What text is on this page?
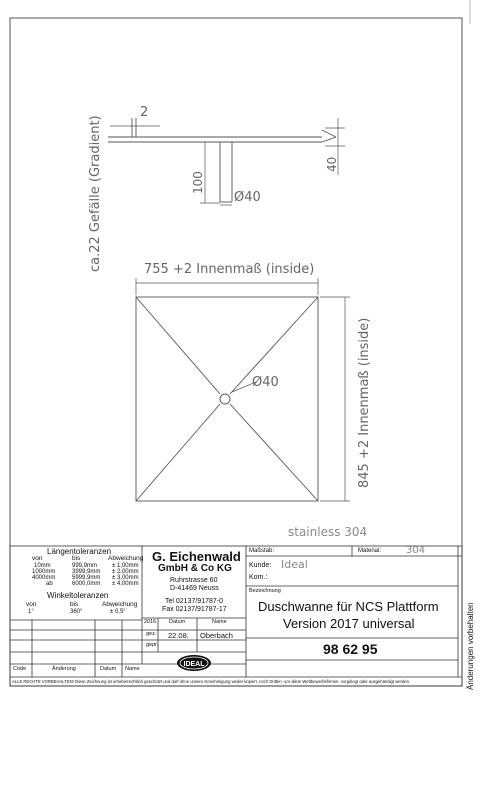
2
Ø40
40
100
ca.22 Gefälle (Gradient)	755 +2 Innenmaß (inside)
845 +2 Innenmaß (inside)
Ø40
stainless 304
IDEAL
Längentoleranzen
von	bis	Abweichung
10mm	999,9mm ± 1,00mm
1000mm	3999,9mm ± 2,00mm
4000mm	5999,9mm ± 3,00mm
ab	6000,0mm ± 4,00mm
Winkeltoleranzen
von	bis	Abweichung
1°	360°	± 0,5°
G. Eichenwald
GmbH & Co KG
Ruhrstrasse 60
D-41469 Neuss
Tel 02137/91787-0
Fax 02137/91787-17
2016 Datum	Name
gez. 22.08. Oberbach
gepr.
Code	Änderung	Datum Name
Maßstab:	Material: 304
Kunde: Ideal
Kom.:
Bezeichnung
Duschwanne für NCS Plattform
Version 2017 universal
98 62 95	Änderungen vorbehalten
ALLE RECHTE VORBEHALTEN! Diese Zeichnung ist urheberrechtlich geschützt und darf ohne unsere Genehmigung weder kopiert, noch Dritten -vor allem Wettbewerbsfirmen- vorgelegt oder ausgehändigt werden.
